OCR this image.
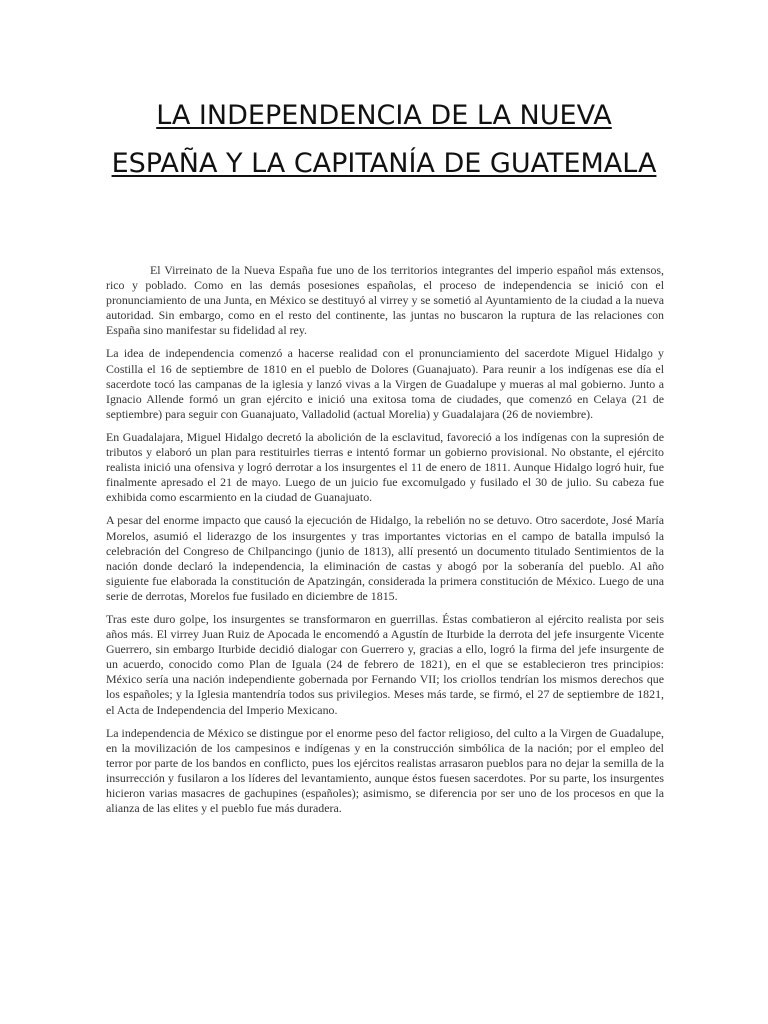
LA INDEPENDENCIA DE LA NUEVA ESPAÑA Y LA CAPITANÍA DE GUATEMALA

El Virreinato de la Nueva España fue uno de los territorios integrantes del imperio español más extensos, rico y poblado. Como en las demás posesiones españolas, el proceso de independencia se inició con el pronunciamiento de una Junta, en México se destituyó al virrey y se sometió al Ayuntamiento de la ciudad a la nueva autoridad. Sin embargo, como en el resto del continente, las juntas no buscaron la ruptura de las relaciones con España sino manifestar su fidelidad al rey.

La idea de independencia comenzó a hacerse realidad con el pronunciamiento del sacerdote Miguel Hidalgo y Costilla el 16 de septiembre de 1810 en el pueblo de Dolores (Guanajuato). Para reunir a los indígenas ese día el sacerdote tocó las campanas de la iglesia y lanzó vivas a la Virgen de Guadalupe y mueras al mal gobierno. Junto a Ignacio Allende formó un gran ejército e inició una exitosa toma de ciudades, que comenzó en Celaya (21 de septiembre) para seguir con Guanajuato, Valladolid (actual Morelia) y Guadalajara (26 de noviembre).

En Guadalajara, Miguel Hidalgo decretó la abolición de la esclavitud, favoreció a los indígenas con la supresión de tributos y elaboró un plan para restituirles tierras e intentó formar un gobierno provisional. No obstante, el ejército realista inició una ofensiva y logró derrotar a los insurgentes el 11 de enero de 1811. Aunque Hidalgo logró huir, fue finalmente apresado el 21 de mayo. Luego de un juicio fue excomulgado y fusilado el 30 de julio. Su cabeza fue exhibida como escarmiento en la ciudad de Guanajuato.

A pesar del enorme impacto que causó la ejecución de Hidalgo, la rebelión no se detuvo. Otro sacerdote, José María Morelos, asumió el liderazgo de los insurgentes y tras importantes victorias en el campo de batalla impulsó la celebración del Congreso de Chilpancingo (junio de 1813), allí presentó un documento titulado Sentimientos de la nación donde declaró la independencia, la eliminación de castas y abogó por la soberanía del pueblo. Al año siguiente fue elaborada la constitución de Apatzingán, considerada la primera constitución de México. Luego de una serie de derrotas, Morelos fue fusilado en diciembre de 1815.

Tras este duro golpe, los insurgentes se transformaron en guerrillas. Éstas combatieron al ejército realista por seis años más. El virrey Juan Ruiz de Apocada le encomendó a Agustín de Iturbide la derrota del jefe insurgente Vicente Guerrero, sin embargo Iturbide decidió dialogar con Guerrero y, gracias a ello, logró la firma del jefe insurgente de un acuerdo, conocido como Plan de Iguala (24 de febrero de 1821), en el que se establecieron tres principios: México sería una nación independiente gobernada por Fernando VII; los criollos tendrían los mismos derechos que los españoles; y la Iglesia mantendría todos sus privilegios. Meses más tarde, se firmó, el 27 de septiembre de 1821, el Acta de Independencia del Imperio Mexicano.

La independencia de México se distingue por el enorme peso del factor religioso, del culto a la Virgen de Guadalupe, en la movilización de los campesinos e indígenas y en la construcción simbólica de la nación; por el empleo del terror por parte de los bandos en conflicto, pues los ejércitos realistas arrasaron pueblos para no dejar la semilla de la insurrección y fusilaron a los líderes del levantamiento, aunque éstos fuesen sacerdotes. Por su parte, los insurgentes hicieron varias masacres de gachupines (españoles); asimismo, se diferencia por ser uno de los procesos en que la alianza de las elites y el pueblo fue más duradera.
